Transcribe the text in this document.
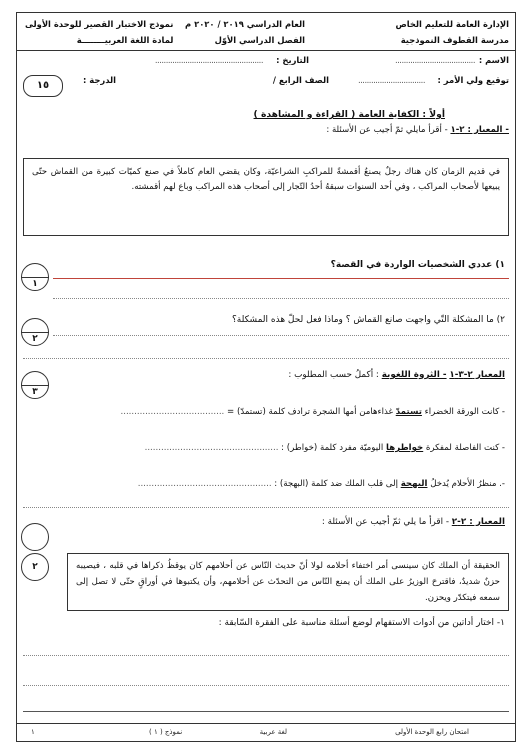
الإدارة العامة للتعليم الخاص
مدرسة القطوف النموذجية
العام الدراسي ٢٠١٩ / ٢٠٢٠ م
الفصل الدراسي الأوّل
نموذج الاختبار القصير للوحدة الأولى
لمادة اللغة العربيــــــــة
الاسم :
.....................................
التاريخ :
..................................................
توقيع ولي الأمر :
...............................
الصف الرابع /
الدرجة :
١٥
أولاً : الكفاية العامة ( القراءة و المشاهدة )
- المعيار : ٢-١ - أقرأ مايلي ثمّ أجيب عن الأسئلة :
في قديم الزمان كان هناك رجلٌ يصنعُ أقمشةً للمراكبِ الشراعيّة، وكان يقضي العام كاملاً في صنع كميّات كبيرة من القماش حتّى يبيعها لأصحاب المراكب ، وفي أحد السنوات سبقهُ أحدُ التّجار إلى أصحاب هذه المراكب وباع لهم أقمشته.
١
١) عددي الشخصيات الواردة في القصة؟
٢
٢) ما المشكلة التّي واجهت صانع القماش ؟ وماذا فعل لحلّ هذه المشكلة؟
٣
المعيار ٢-٣-١ - الثروة اللغوية : أكملُ حسب المطلوب :
- كانت الورقة الخضراء تستمدّ غذاءهامن أمها الشجرة ترادف كلمة (تستمدّ) = ......................................
- كنت الفاصلة لمفكرة خواطرها اليوميّة مفرد كلمة (خواطر) : .................................................
-. منظرُ الأحلام يُدخلُ البهجة إلى قلب الملك ضد كلمة (البهجة) : .................................................
المعيار : ٢-٢ - اقرأ ما يلي ثمّ أجيب عن الأسئلة :
٢	الحقيقة أن الملك كان سينسى أمر اختفاء أحلامه لولا أنّ حديث النّاس عن أحلامهم كان يوقظُ ذكراها في قلبه ، فيصيبه حزنٌ شديدٌ، فاقترحَ الوزيرُ على الملك أن يمنع النّاس من التحدّث عن أحلامهم، وأن يكتبوها في أوراقٍ حتّى لا تصل إلى سمعه فيتكدّر ويحزن.
١- اختار أداتين من أدوات الاستفهام لوضع أسئلة مناسبة على الفقرة السّابقة :
امتحان رابع الوحدة الأولى
لغة عربية
نموذج ( ١ )
١
